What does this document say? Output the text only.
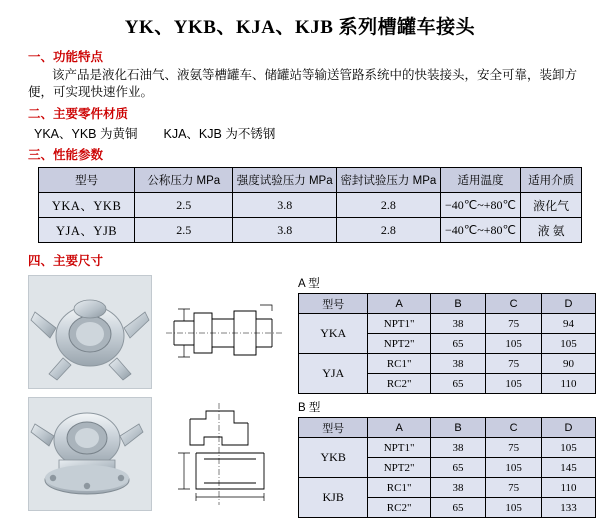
YK、YKB、KJA、KJB 系列槽罐车接头
一、功能特点
该产品是液化石油气、液氨等槽罐车、储罐站等输送管路系统中的快装接头，安全可靠，装卸方便，可实现快速作业。
二、主要零件材质
YKA、YKB 为黄铜 KJA、KJB 为不锈钢
三、性能参数
型号	公称压力 MPa	强度试验压力 MPa	密封试验压力 MPa	适用温度	适用介质
YKA、YKB	2.5	3.8	2.8	−40℃~+80℃	液化气
YJA、YJB	2.5	3.8	2.8	−40℃~+80℃	液 氨
四、主要尺寸
A 型
型号	A	B	C	D
YKA	NPT1"	38	75	94
	NPT2"	65	105	105
YJA	RC1"	38	75	90
	RC2"	65	105	110
B 型
型号	A	B	C	D
YKB	NPT1"	38	75	105
	NPT2"	65	105	145
KJB	RC1"	38	75	110
	RC2"	65	105	133
